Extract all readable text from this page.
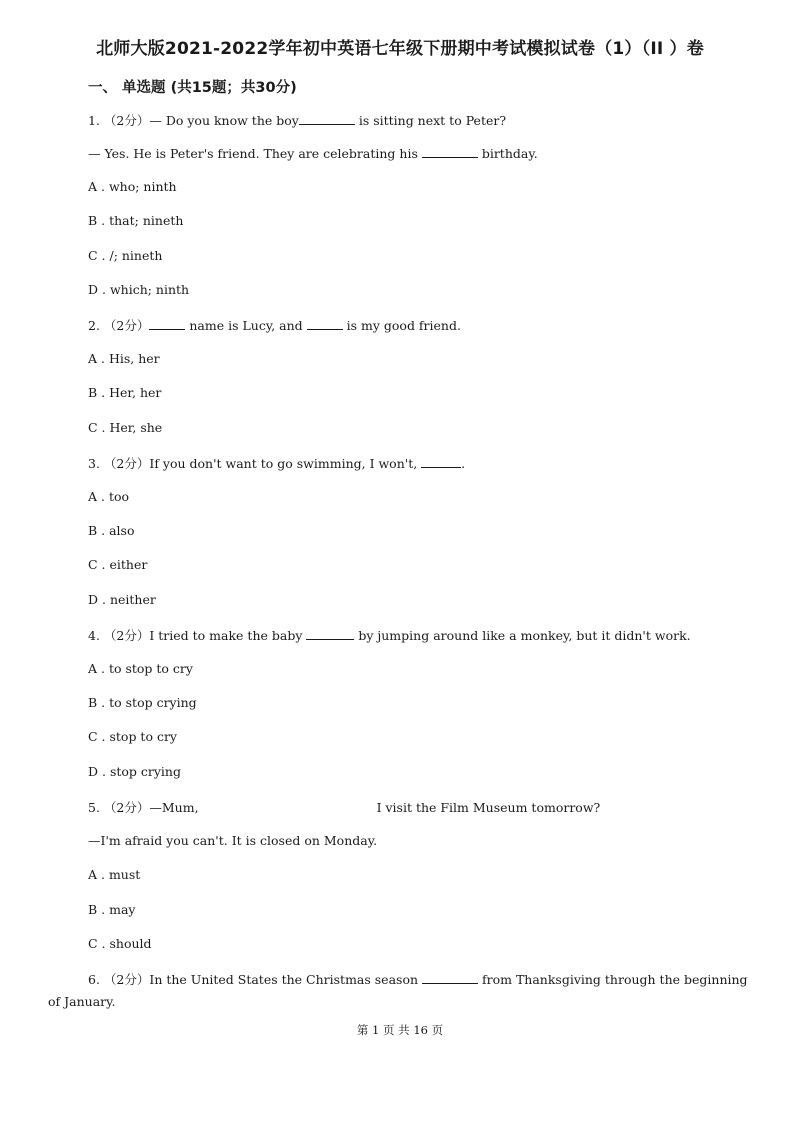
北师大版2021-2022学年初中英语七年级下册期中考试模拟试卷（1）（II ）卷
一、 单选题 (共15题；共30分)
1. （2分）— Do you know the boy	is sitting next to Peter?
— Yes. He is Peter's friend. They are celebrating his	birthday.
A . who; ninth
B . that; nineth
C . /; nineth
D . which; ninth
2. （2分）	name is Lucy, and	is my good friend.
A . His, her
B . Her, her
C . Her, she
3. （2分）If you don't want to go swimming, I won't,	.
A . too
B . also
C . either
D . neither
4. （2分）I tried to make the baby	by jumping around like a monkey, but it didn't work.
A . to stop to cry
B . to stop crying
C . stop to cry
D . stop crying
5. （2分）—Mum,	I visit the Film Museum tomorrow?
—I'm afraid you can't. It is closed on Monday.
A . must
B . may
C . should
6. （2分）In the United States the Christmas season	from Thanksgiving through the beginning of January.
第 1 页 共 16 页
